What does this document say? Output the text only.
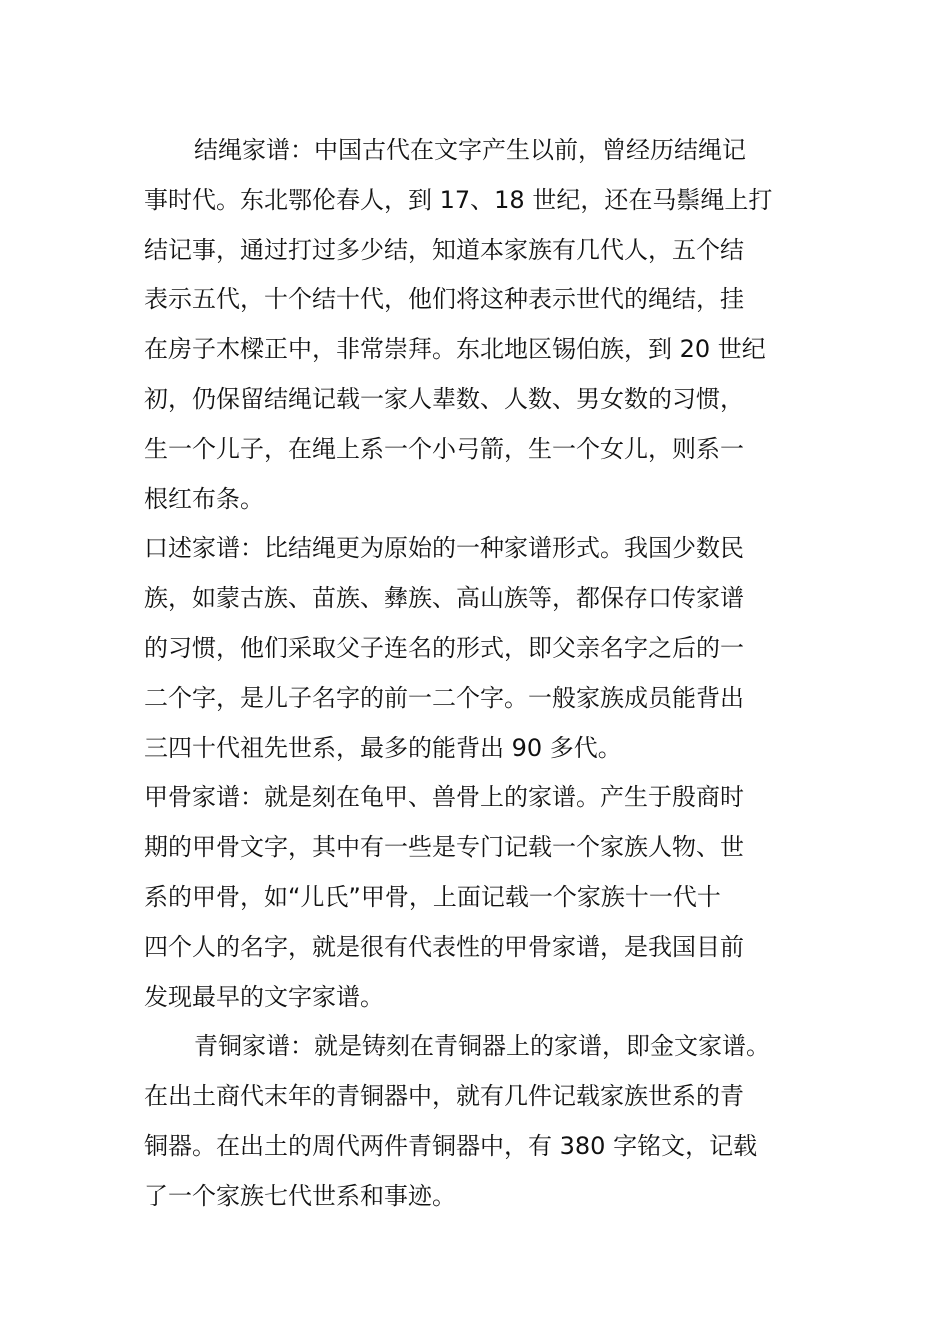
结绳家谱：中国古代在文字产生以前，曾经历结绳记
事时代。东北鄂伦春人，到 17、18 世纪，还在马鬃绳上打
结记事，通过打过多少结，知道本家族有几代人，五个结
表示五代，十个结十代，他们将这种表示世代的绳结，挂
在房子木樑正中，非常崇拜。东北地区锡伯族，到 20 世纪
初，仍保留结绳记载一家人辈数、人数、男女数的习惯，
生一个儿子，在绳上系一个小弓箭，生一个女儿，则系一
根红布条。
口述家谱：比结绳更为原始的一种家谱形式。我国少数民
族，如蒙古族、苗族、彝族、高山族等，都保存口传家谱
的习惯，他们采取父子连名的形式，即父亲名字之后的一
二个字，是儿子名字的前一二个字。一般家族成员能背出
三四十代祖先世系，最多的能背出 90 多代。
甲骨家谱：就是刻在龟甲、兽骨上的家谱。产生于殷商时
期的甲骨文字，其中有一些是专门记载一个家族人物、世
系的甲骨，如“儿氏”甲骨，上面记载一个家族十一代十
四个人的名字，就是很有代表性的甲骨家谱，是我国目前
发现最早的文字家谱。
青铜家谱：就是铸刻在青铜器上的家谱，即金文家谱。
在出土商代末年的青铜器中，就有几件记载家族世系的青
铜器。在出土的周代两件青铜器中，有 380 字铭文，记载
了一个家族七代世系和事迹。
